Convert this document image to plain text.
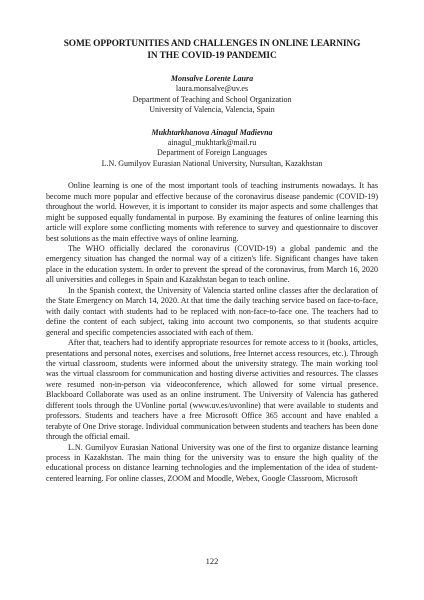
SOME OPPORTUNITIES AND CHALLENGES IN ONLINE LEARNING
IN THE COVID-19 PANDEMIC
Monsalve Lorente Laura
laura.monsalve@uv.es
Department of Teaching and School Organization
University of Valencia, Valencia, Spain
Mukhtarkhanova Ainagul Madievna
ainagul_mukhtark@mail.ru
Department of Foreign Languages
L.N. Gumilyov Eurasian National University, Nursultan, Kazakhstan

Online learning is one of the most important tools of teaching instruments nowadays. It has become much more popular and effective because of the coronavirus disease pandemic (COVID-19) throughout the world. However, it is important to consider its major aspects and some challenges that might be supposed equally fundamental in purpose. By examining the features of online learning this article will explore some conflicting moments with reference to survey and questionnaire to discover best solutions as the main effective ways of online learning.

The WHO officially declared the coronavirus (COVID-19) a global pandemic and the emergency situation has changed the normal way of a citizen's life. Significant changes have taken place in the education system. In order to prevent the spread of the coronavirus, from March 16, 2020 all universities and colleges in Spain and Kazakhstan began to teach online.

In the Spanish context, the University of Valencia started online classes after the declaration of the State Emergency on March 14, 2020. At that time the daily teaching service based on face-to-face, with daily contact with students had to be replaced with non-face-to-face one. The teachers had to define the content of each subject, taking into account two components, so that students acquire general and specific competencies associated with each of them.

After that, teachers had to identify appropriate resources for remote access to it (books, articles, presentations and personal notes, exercises and solutions, free Internet access resources, etc.). Through the virtual classroom, students were informed about the university strategy. The main working tool was the virtual classroom for communication and hosting diverse activities and resources. The classes were resumed non-in-person via videoconference, which allowed for some virtual presence. Blackboard Collaborate was used as an online instrument. The University of Valencia has gathered different tools through the UVonline portal (www.uv.es/uvonline) that were available to students and professors. Students and teachers have a free Microsoft Office 365 account and have enabled a terabyte of One Drive storage. Individual communication between students and teachers has been done through the official email.

L.N. Gumilyov Eurasian National University was one of the first to organize distance learning process in Kazakhstan. The main thing for the university was to ensure the high quality of the educational process on distance learning technologies and the implementation of the idea of student-centered learning. For online classes, ZOOM and Moodle, Webex, Google Classroom, Microsoft

122
